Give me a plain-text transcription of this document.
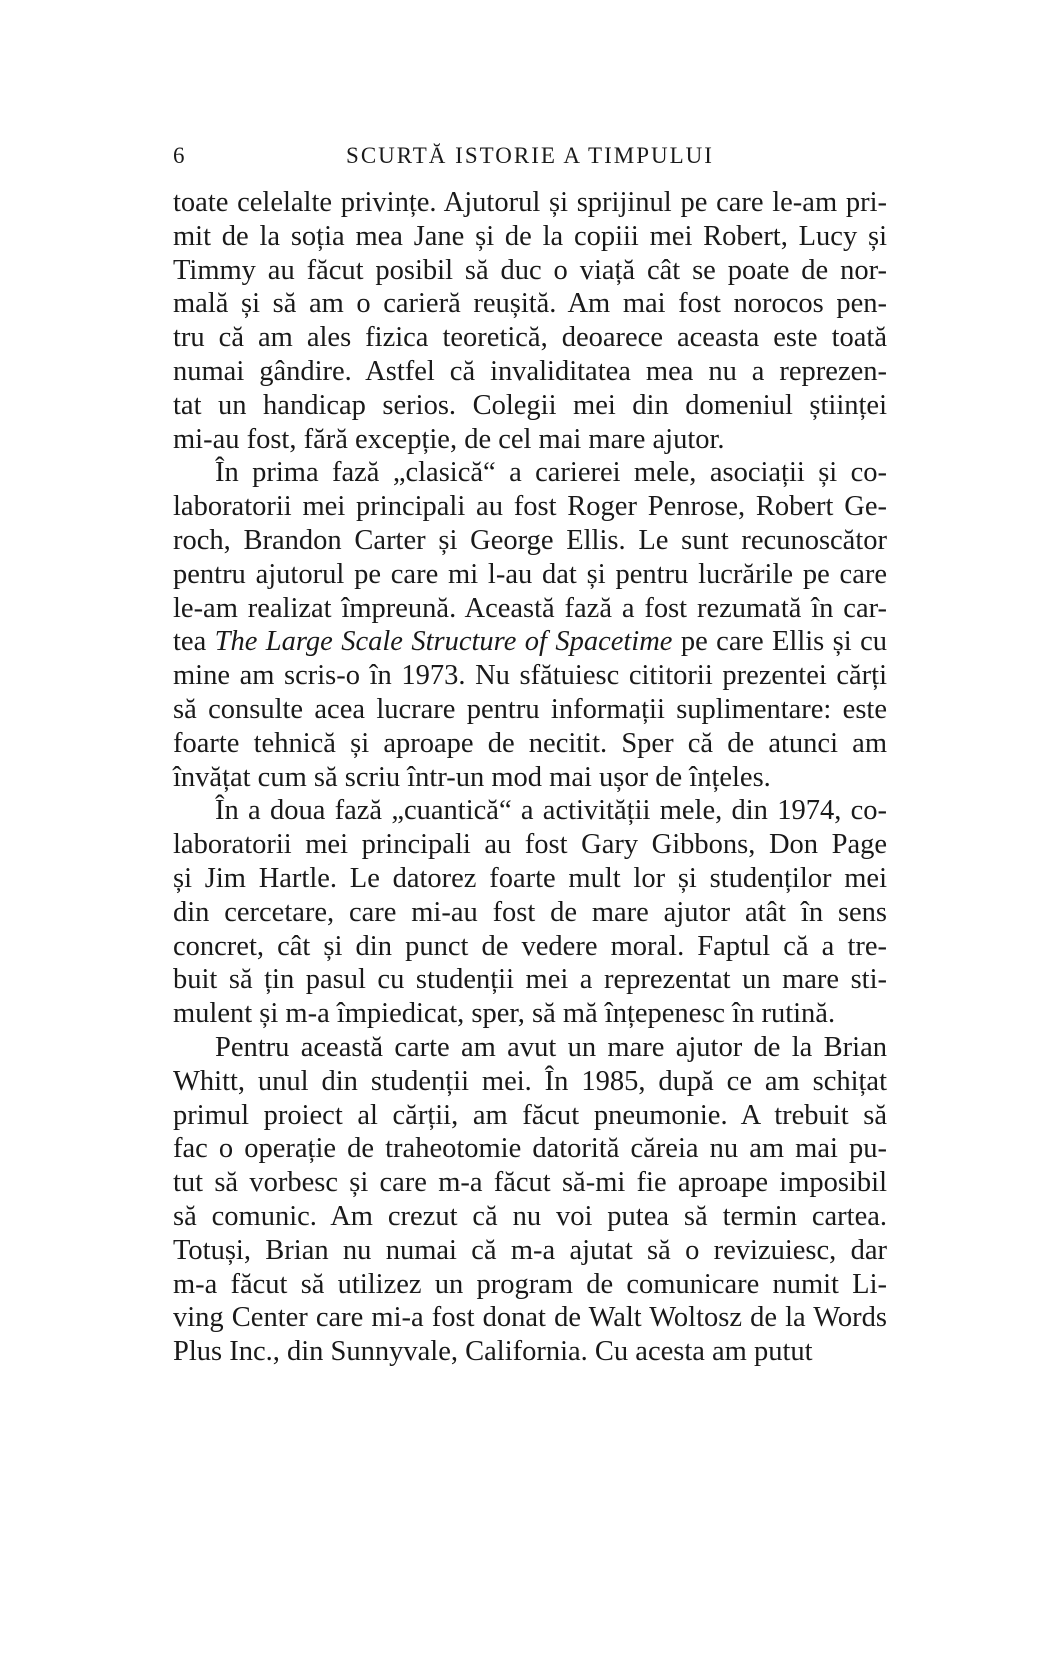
6	SCURTĂ ISTORIE A TIMPULUI
toate celelalte privințe. Ajutorul și sprijinul pe care le-am pri-
mit de la soția mea Jane și de la copiii mei Robert, Lucy și
Timmy au făcut posibil să duc o viață cât se poate de nor-
mală și să am o carieră reușită. Am mai fost norocos pen-
tru că am ales fizica teoretică, deoarece aceasta este toată
numai gândire. Astfel că invaliditatea mea nu a reprezen-
tat un handicap serios. Colegii mei din domeniul științei
mi-au fost, fără excepție, de cel mai mare ajutor.
În prima fază „clasică“ a carierei mele, asociații și co-
laboratorii mei principali au fost Roger Penrose, Robert Ge-
roch, Brandon Carter și George Ellis. Le sunt recunoscător
pentru ajutorul pe care mi l-au dat și pentru lucrările pe care
le-am realizat împreună. Această fază a fost rezumată în car-
tea The Large Scale Structure of Spacetime pe care Ellis și cu
mine am scris-o în 1973. Nu sfătuiesc cititorii prezentei cărți
să consulte acea lucrare pentru informații suplimentare: este
foarte tehnică și aproape de necitit. Sper că de atunci am
învățat cum să scriu într-un mod mai ușor de înțeles.
În a doua fază „cuantică“ a activității mele, din 1974, co-
laboratorii mei principali au fost Gary Gibbons, Don Page
și Jim Hartle. Le datorez foarte mult lor și studenților mei
din cercetare, care mi-au fost de mare ajutor atât în sens
concret, cât și din punct de vedere moral. Faptul că a tre-
buit să țin pasul cu studenții mei a reprezentat un mare sti-
mulent și m-a împiedicat, sper, să mă înțepenesc în rutină.
Pentru această carte am avut un mare ajutor de la Brian
Whitt, unul din studenții mei. În 1985, după ce am schițat
primul proiect al cărții, am făcut pneumonie. A trebuit să
fac o operație de traheotomie datorită căreia nu am mai pu-
tut să vorbesc și care m-a făcut să-mi fie aproape imposibil
să comunic. Am crezut că nu voi putea să termin cartea.
Totuși, Brian nu numai că m-a ajutat să o revizuiesc, dar
m-a făcut să utilizez un program de comunicare numit Li-
ving Center care mi-a fost donat de Walt Woltosz de la Words
Plus Inc., din Sunnyvale, California. Cu acesta am putut
